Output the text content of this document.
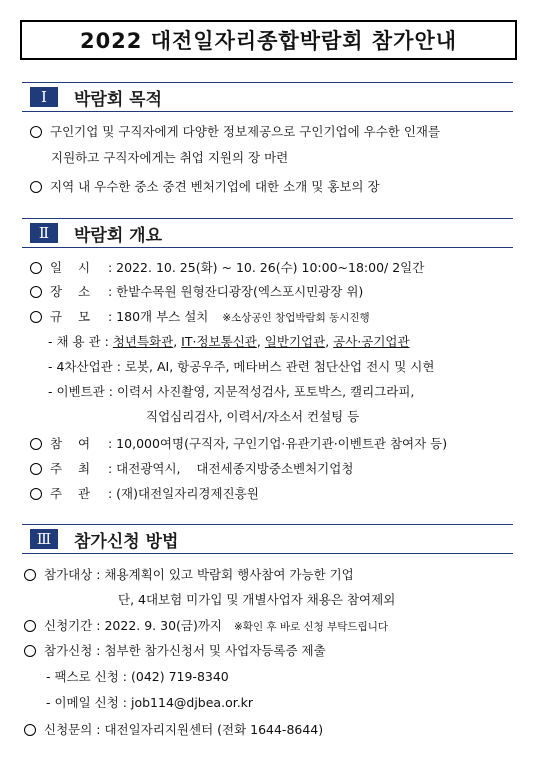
2022 대전일자리종합박람회 참가안내
Ⅰ	박람회 목적
구인기업 및 구직자에게 다양한 정보제공으로 구인기업에 우수한 인재를
지원하고 구직자에게는 취업 지원의 장 마련
지역 내 우수한 중소 중견 벤처기업에 대한 소개 및 홍보의 장
Ⅱ	박람회 개요
일    시 : 2022. 10. 25(화) ~ 10. 26(수) 10:00~18:00/ 2일간
장    소 : 한밭수목원 원형잔디광장(엑스포시민광장 위)
규    모 : 180개 부스 설치 ※소상공인 창업박람회 동시진행
- 채 용 관 : 청년특화관, IT·정보통신관, 일반기업관, 공사·공기업관
- 4차산업관 : 로봇, AI, 항공우주, 메타버스 관련 첨단산업 전시 및 시현
- 이벤트관 : 이력서 사진촬영, 지문적성검사, 포토박스, 캘리그라피,
직업심리검사, 이력서/자소서 컨설팅 등
참    여 : 10,000여명(구직자, 구인기업·유관기관·이벤트관 참여자 등)
주    최 : 대전광역시,    대전세종지방중소벤처기업청
주    관 : (재)대전일자리경제진흥원
Ⅲ	참가신청 방법
참가대상 : 채용계획이 있고 박람회 행사참여 가능한 기업
단, 4대보험 미가입 및 개별사업자 채용은 참여제외
신청기간 : 2022. 9. 30(금)까지 ※확인 후 바로 신청 부탁드립니다
참가신청 : 첨부한 참가신청서 및 사업자등록증 제출
- 팩스로 신청 : (042) 719-8340
- 이메일 신청 : job114@djbea.or.kr
신청문의 : 대전일자리지원센터 (전화 1644-8644)
